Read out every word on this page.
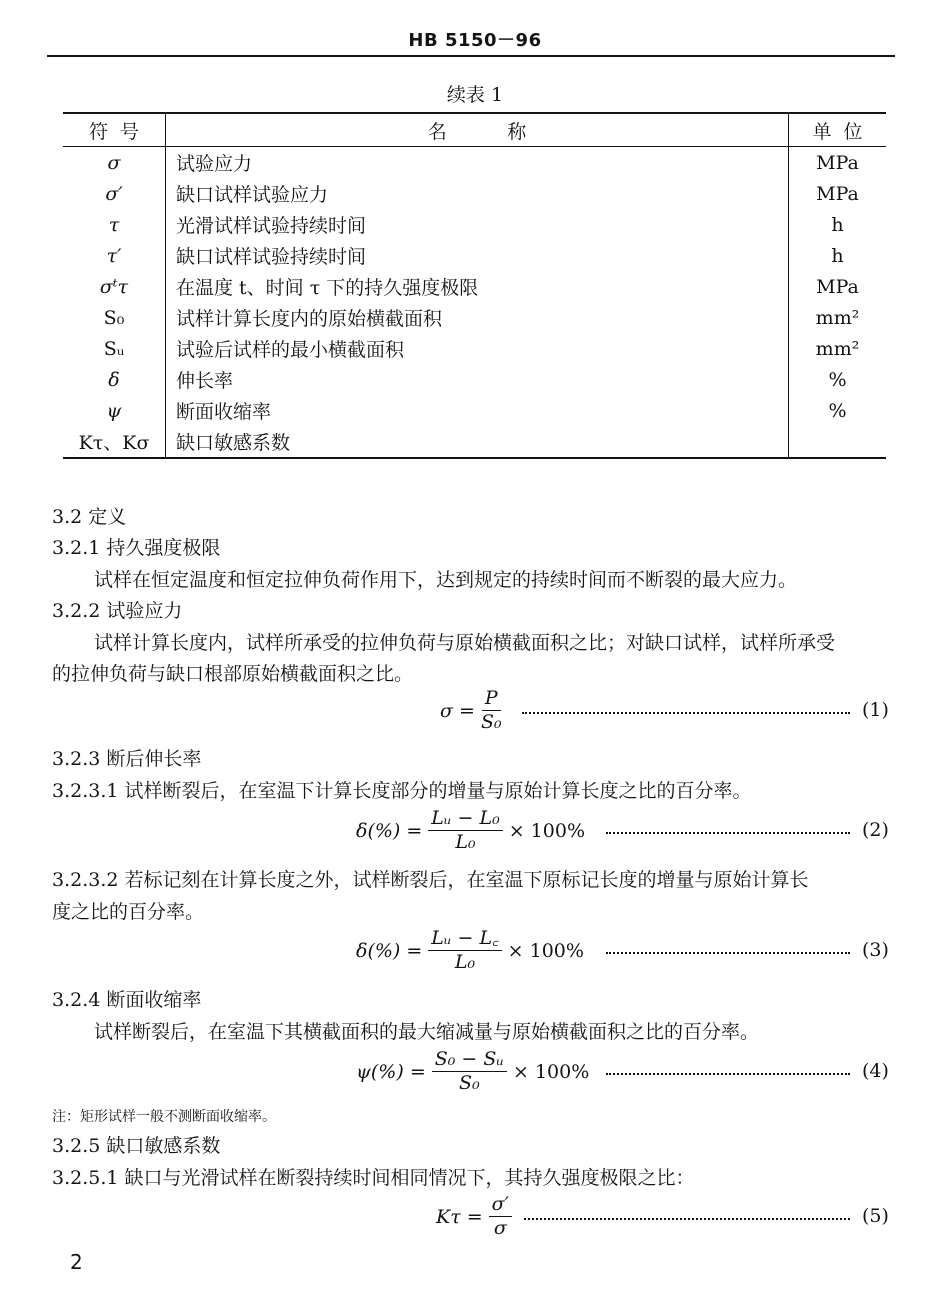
HB 5150－96
续表 1
符  号	名          称	单  位
σ	试验应力	MPa
σ′	缺口试样试验应力	MPa
τ	光滑试样试验持续时间	h
τ′	缺口试样试验持续时间	h
σᵗτ	在温度 t、时间 τ 下的持久强度极限	MPa
S₀	试样计算长度内的原始横截面积	mm²
Sᵤ	试验后试样的最小横截面积	mm²
δ	伸长率	%
ψ	断面收缩率	%
Kτ、Kσ	缺口敏感系数	
3.2 定义
3.2.1 持久强度极限
试样在恒定温度和恒定拉伸负荷作用下，达到规定的持续时间而不断裂的最大应力。
3.2.2 试验应力
试样计算长度内，试样所承受的拉伸负荷与原始横截面积之比；对缺口试样，试样所承受
的拉伸负荷与缺口根部原始横截面积之比。
$\sigma = \frac{P}{\text{S₀}}$	(1)
3.2.3 断后伸长率
3.2.3.1 试样断裂后，在室温下计算长度部分的增量与原始计算长度之比的百分率。
$\delta(\%) = \frac{\text{Lᵤ − L₀}}{\text{L₀}} \times 100\%$	(2)
3.2.3.2 若标记刻在计算长度之外，试样断裂后，在室温下原标记长度的增量与原始计算长
度之比的百分率。
$\delta(\%) = \frac{\text{Lᵤ − L꜀}}{\text{L₀}} \times 100\%$	(3)
3.2.4 断面收缩率
试样断裂后，在室温下其横截面积的最大缩减量与原始横截面积之比的百分率。
$\psi(\%) = \frac{\text{S₀ − Sᵤ}}{\text{S₀}} \times 100\%$	(4)
注：矩形试样一般不测断面收缩率。
3.2.5 缺口敏感系数
3.2.5.1 缺口与光滑试样在断裂持续时间相同情况下，其持久强度极限之比：
$K\tau = \frac{\sigma'}{\sigma}$	(5)
2
